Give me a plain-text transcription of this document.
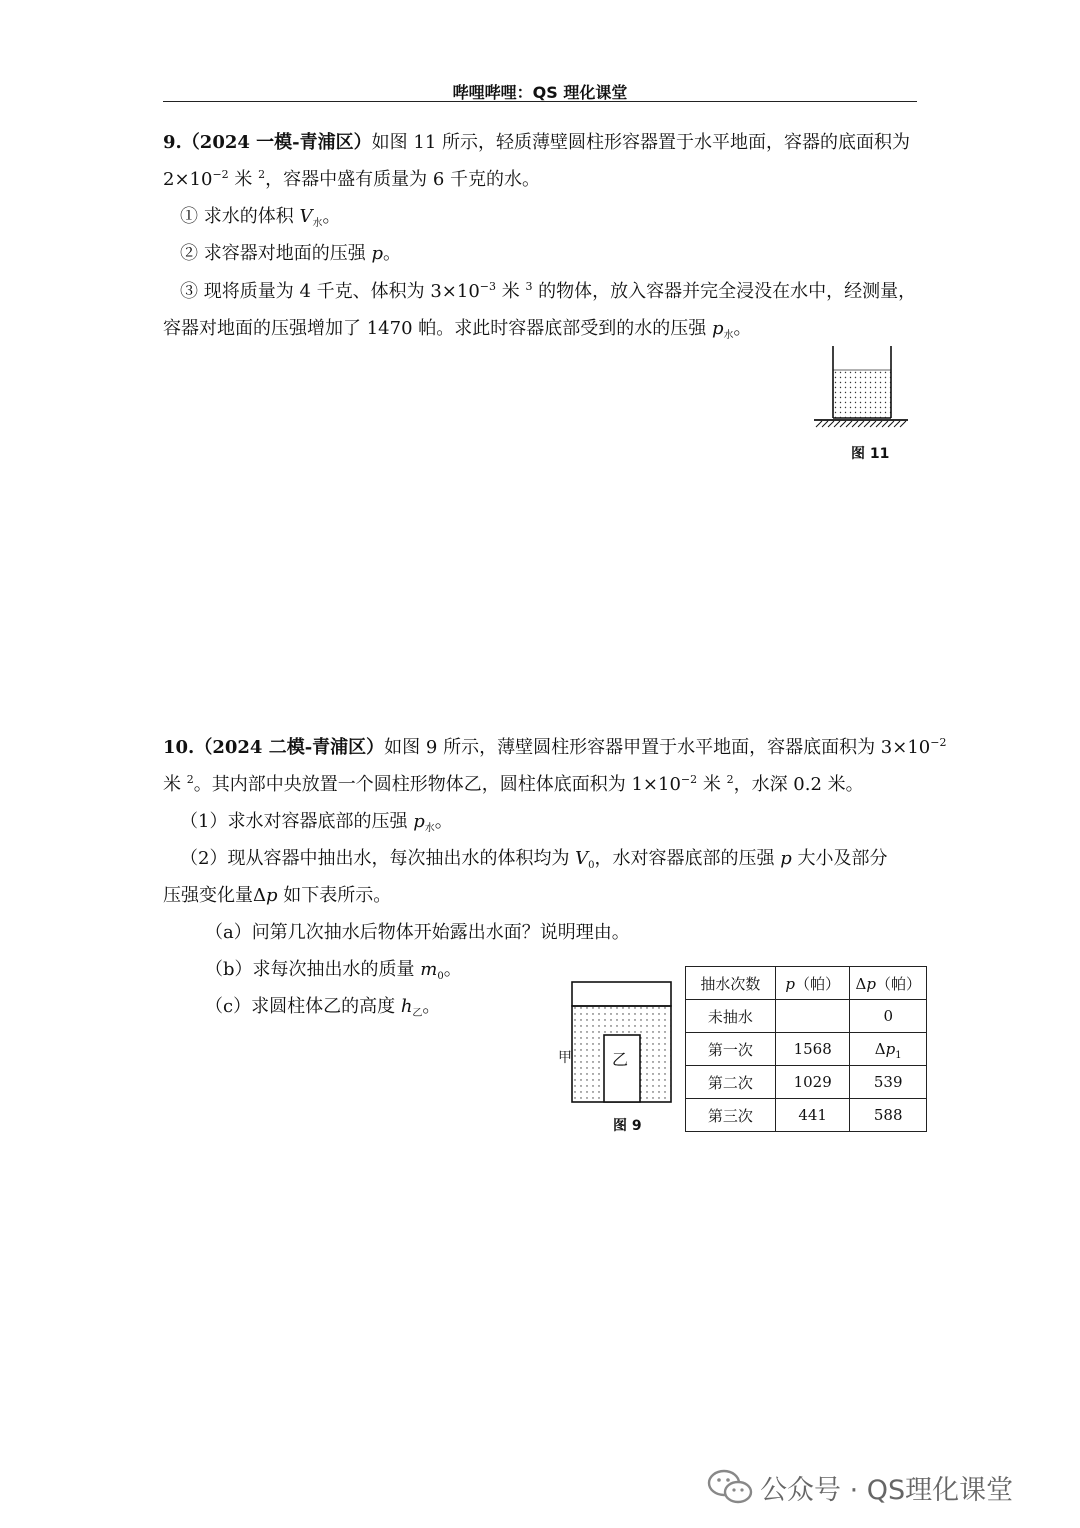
哔哩哔哩：QS 理化课堂
9.（2024 一模-青浦区）如图 11 所示，轻质薄壁圆柱形容器置于水平地面，容器的底面积为
$2\times 10^{-2}$ 米 $^2$，容器中盛有质量为 6 千克的水。
① 求水的体积 $V_水$。
② 求容器对地面的压强 p。
③ 现将质量为 4 千克、体积为 $3\times 10^{-3}$ 米 $^3$ 的物体，放入容器并完全浸没在水中，经测量，
容器对地面的压强增加了 1470 帕。求此时容器底部受到的水的压强 $p_水$。
图 11
10.（2024 二模-青浦区）如图 9 所示，薄壁圆柱形容器甲置于水平地面，容器底面积为 $3\times 10^{-2}$
米 $^2$。其内部中央放置一个圆柱形物体乙，圆柱体底面积为 $1\times 10^{-2}$ 米 $^2$，水深 0.2 米。
（1）求水对容器底部的压强 $p_水$。
（2）现从容器中抽出水，每次抽出水的体积均为 $V_0$，水对容器底部的压强 p 大小及部分
压强变化量Δp 如下表所示。
（a）问第几次抽水后物体开始露出水面？说明理由。
（b）求每次抽出水的质量 $m_0$。
（c）求圆柱体乙的高度 $h_乙$。
甲	乙
图 9
抽水次数	p（帕）	Δp（帕）
未抽水		0
第一次	1568	$\Delta p_1$
第二次	1029	539
第三次	441	588
公众号 · QS理化课堂
